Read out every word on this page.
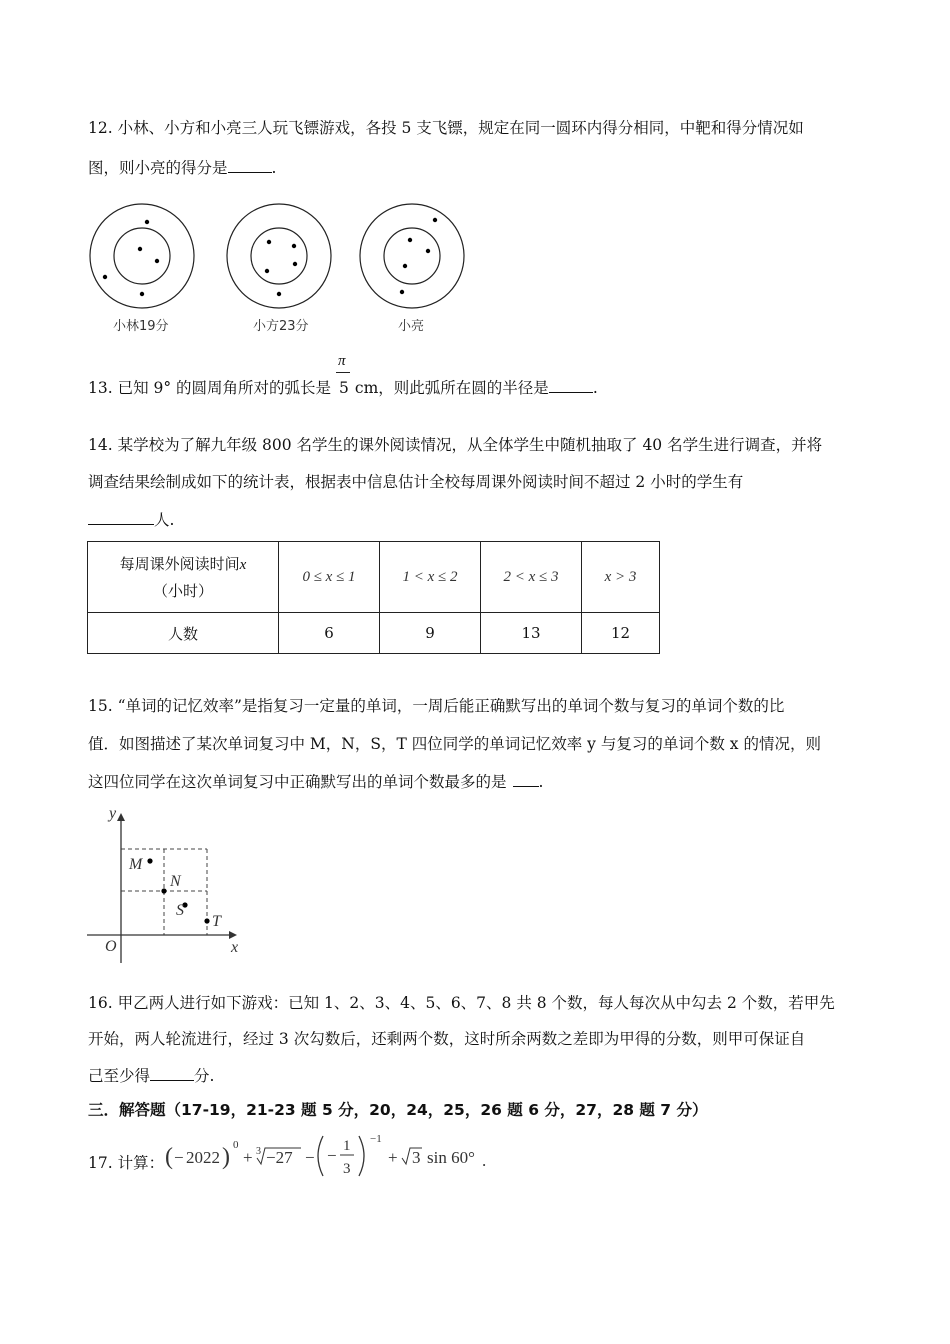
12. 小林、小方和小亮三人玩飞镖游戏，各投 5 支飞镖，规定在同一圆环内得分相同，中靶和得分情况如
图，则小亮的得分是	.
小林19分	小方23分	小亮
13. 已知 9° 的圆周角所对的弧长是 $\frac{\pi}{5}$ cm，则此弧所在圆的半径是	.
14. 某学校为了解九年级 800 名学生的课外阅读情况，从全体学生中随机抽取了 40 名学生进行调查，并将
调查结果绘制成如下的统计表，根据表中信息估计全校每周课外阅读时间不超过 2 小时的学生有
人.
每周课外阅读时间x
（小时）	0 ≤ x ≤ 1	1 < x ≤ 2	2 < x ≤ 3	x > 3
人数	6	9	13	12
15. “单词的记忆效率”是指复习一定量的单词，一周后能正确默写出的单词个数与复习的单词个数的比
值．如图描述了某次单词复习中 M，N，S，T 四位同学的单词记忆效率 y 与复习的单词个数 x 的情况，则
这四位同学在这次单词复习中正确默写出的单词个数最多的是 .
y
x
O
M
N
S
T
16. 甲乙两人进行如下游戏：已知 1、2、3、4、5、6、7、8 共 8 个数，每人每次从中勾去 2 个数，若甲先
开始，两人轮流进行，经过 3 次勾数后，还剩两个数，这时所余两数之差即为甲得的分数，则甲可保证自
己至少得	分.
三．解答题（17-19，21-23 题 5 分，20，24，25，26 题 6 分，27，28 题 7 分）
17. 计算： ( − 2022 ) 0
+ 3 −27 − − 1
3
−1
+ 3 sin 60° .
